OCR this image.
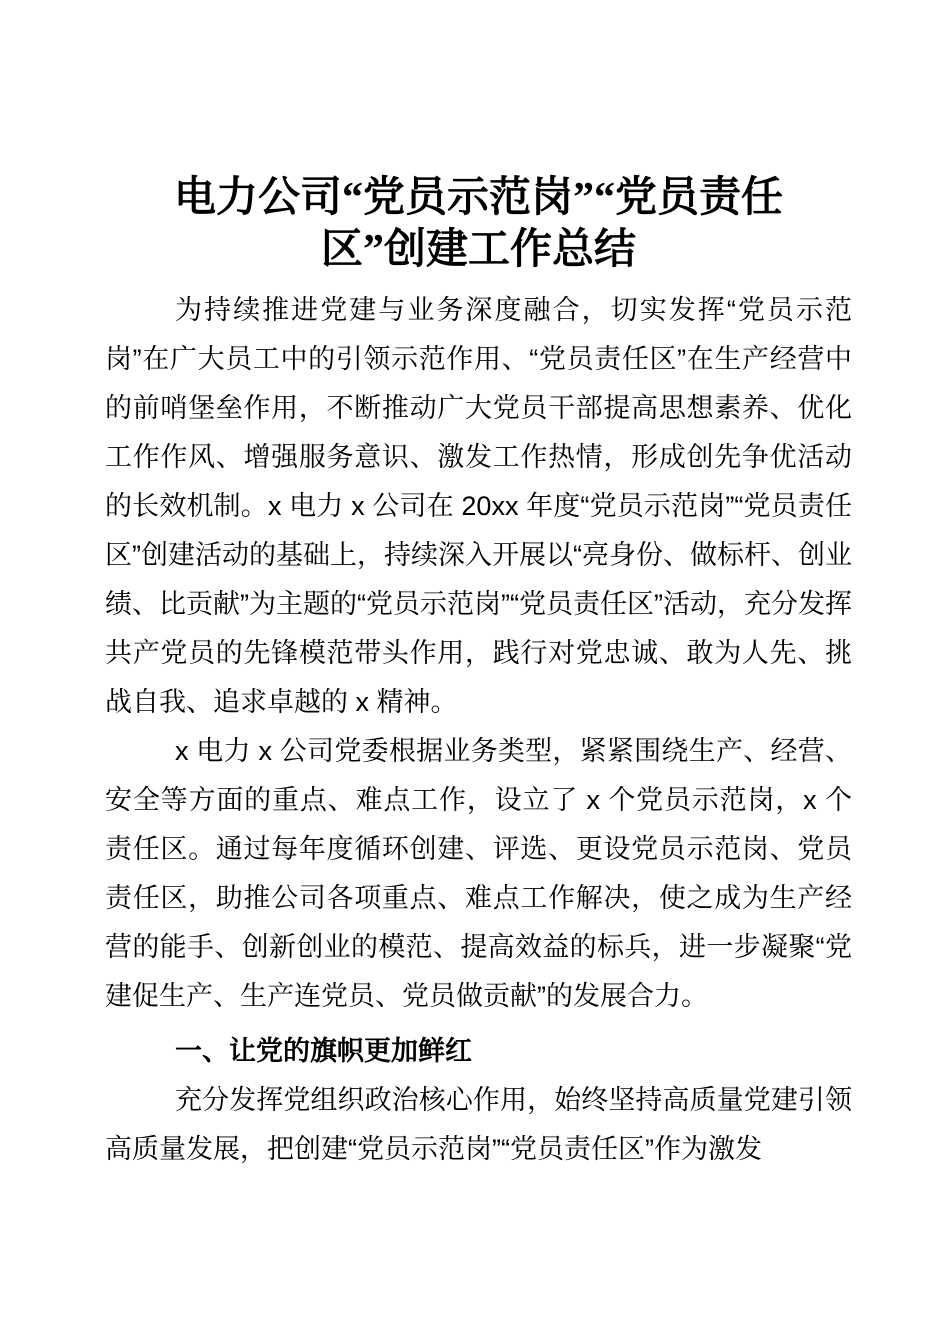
电力公司“党员示范岗”“党员责任区”创建工作总结

为持续推进党建与业务深度融合，切实发挥“党员示范岗”在广大员工中的引领示范作用、“党员责任区”在生产经营中的前哨堡垒作用，不断推动广大党员干部提高思想素养、优化工作作风、增强服务意识、激发工作热情，形成创先争优活动的长效机制。x 电力 x 公司在 20xx 年度“党员示范岗”“党员责任区”创建活动的基础上，持续深入开展以“亮身份、做标杆、创业绩、比贡献”为主题的“党员示范岗”“党员责任区”活动，充分发挥共产党员的先锋模范带头作用，践行对党忠诚、敢为人先、挑战自我、追求卓越的 x 精神。

x 电力 x 公司党委根据业务类型，紧紧围绕生产、经营、安全等方面的重点、难点工作，设立了 x 个党员示范岗，x 个责任区。通过每年度循环创建、评选、更设党员示范岗、党员责任区，助推公司各项重点、难点工作解决，使之成为生产经营的能手、创新创业的模范、提高效益的标兵，进一步凝聚“党建促生产、生产连党员、党员做贡献”的发展合力。

一、让党的旗帜更加鲜红

充分发挥党组织政治核心作用，始终坚持高质量党建引领高质量发展，把创建“党员示范岗”“党员责任区”作为激发
